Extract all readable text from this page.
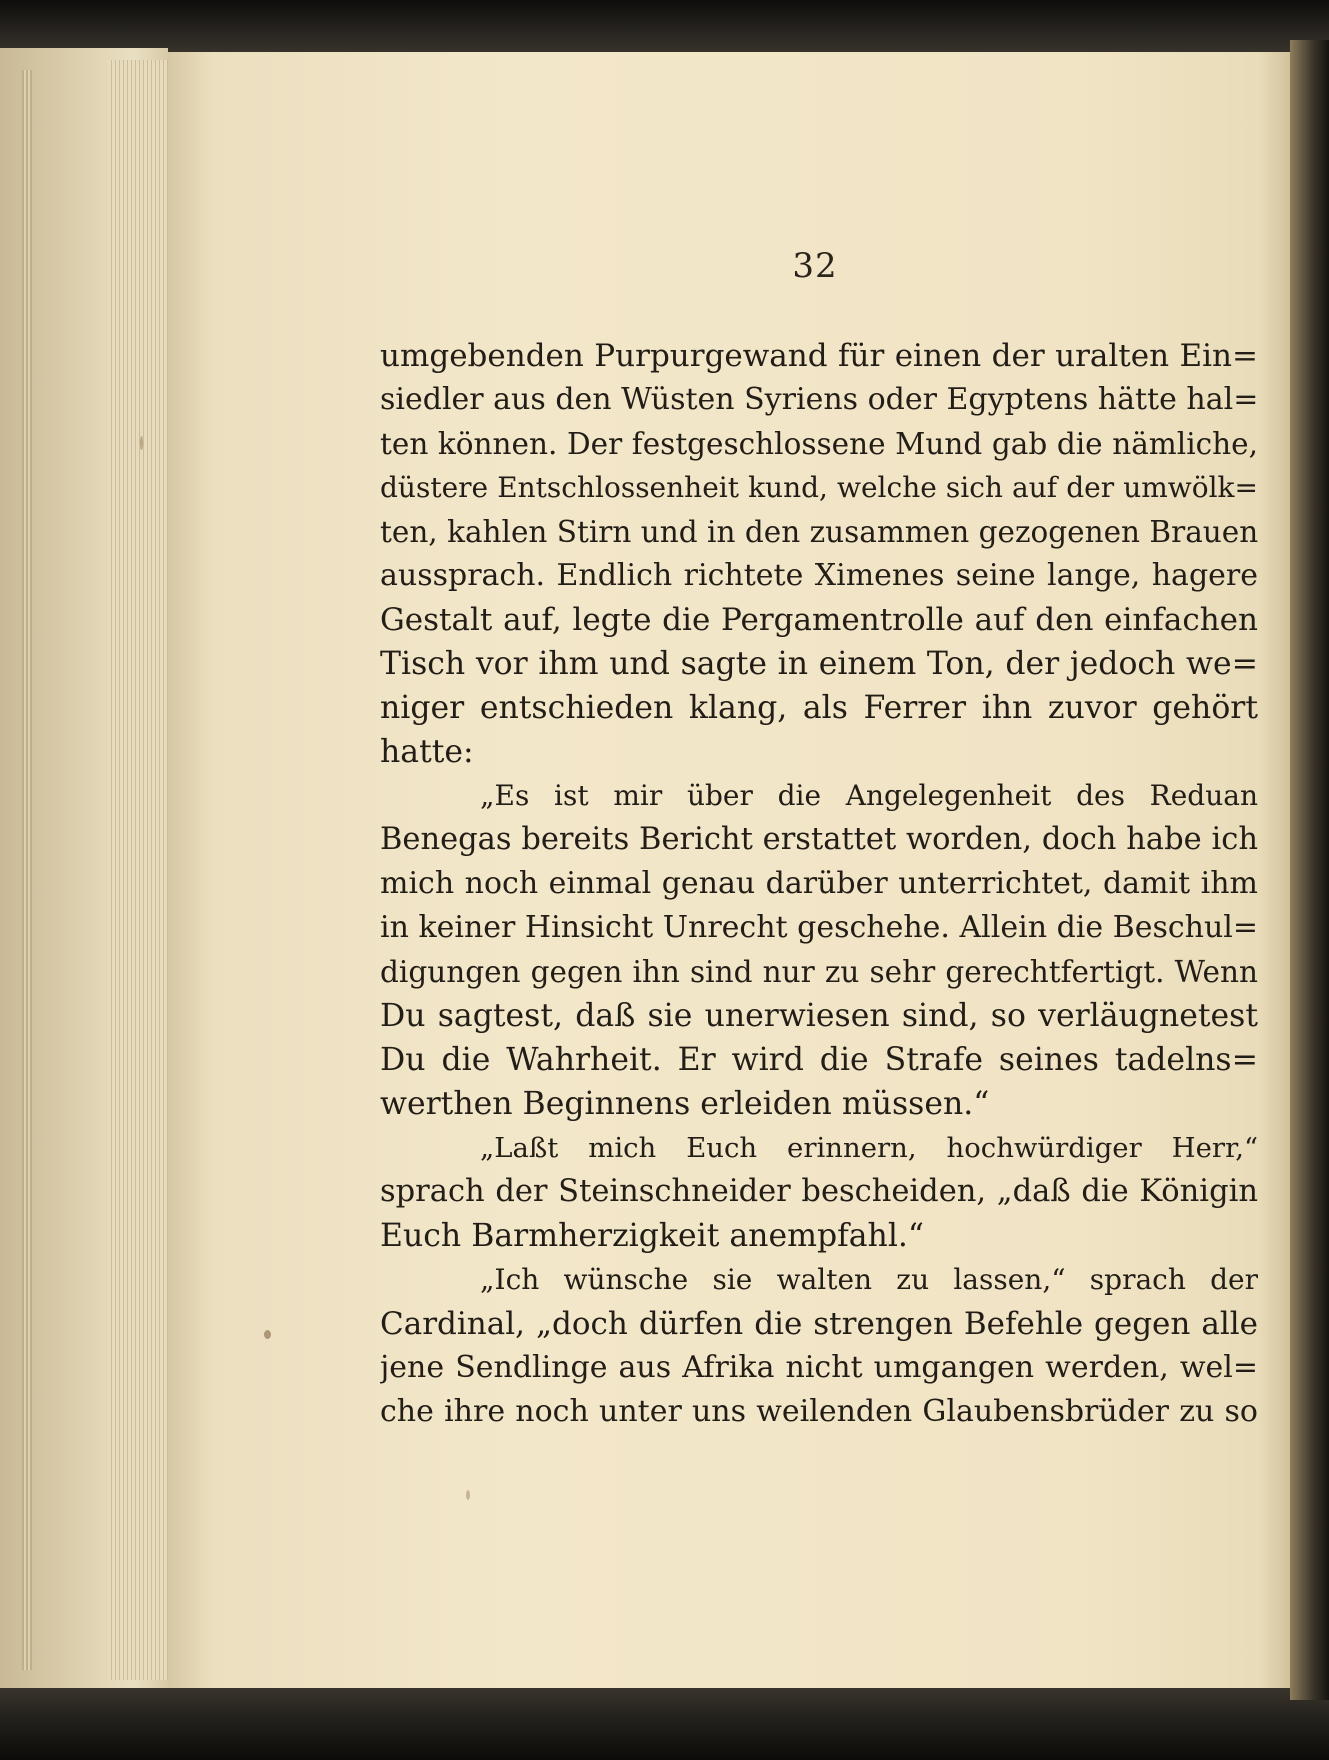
32
umgebenden Purpurgewand für einen der uralten Ein=
siedler aus den Wüsten Syriens oder Egyptens hätte hal=
ten können. Der festgeschlossene Mund gab die nämliche,
düstere Entschlossenheit kund, welche sich auf der umwölk=
ten, kahlen Stirn und in den zusammen gezogenen Brauen
aussprach. Endlich richtete Ximenes seine lange, hagere
Gestalt auf, legte die Pergamentrolle auf den einfachen
Tisch vor ihm und sagte in einem Ton, der jedoch we=
niger entschieden klang, als Ferrer ihn zuvor gehört
hatte:
„Es ist mir über die Angelegenheit des Reduan
Benegas bereits Bericht erstattet worden, doch habe ich
mich noch einmal genau darüber unterrichtet, damit ihm
in keiner Hinsicht Unrecht geschehe. Allein die Beschul=
digungen gegen ihn sind nur zu sehr gerechtfertigt. Wenn
Du sagtest, daß sie unerwiesen sind, so verläugnetest
Du die Wahrheit. Er wird die Strafe seines tadelns=
werthen Beginnens erleiden müssen.“
„Laßt mich Euch erinnern, hochwürdiger Herr,“
sprach der Steinschneider bescheiden, „daß die Königin
Euch Barmherzigkeit anempfahl.“
„Ich wünsche sie walten zu lassen,“ sprach der
Cardinal, „doch dürfen die strengen Befehle gegen alle
jene Sendlinge aus Afrika nicht umgangen werden, wel=
che ihre noch unter uns weilenden Glaubensbrüder zu so
